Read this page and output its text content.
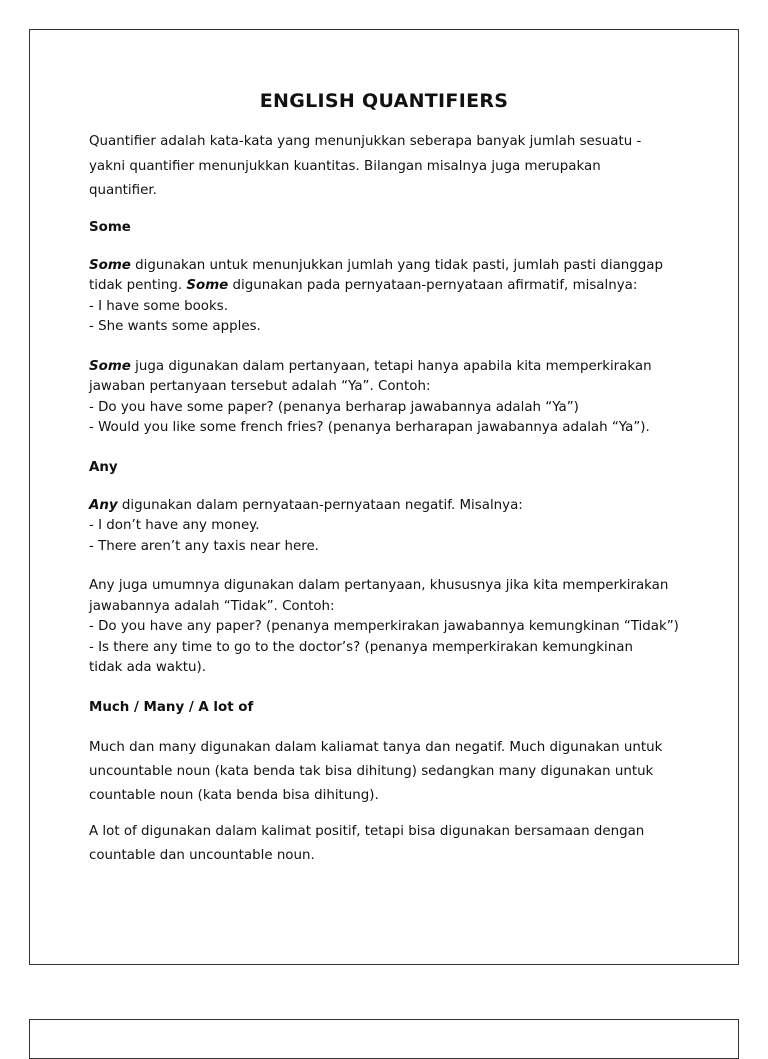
ENGLISH QUANTIFIERS

Quantifier adalah kata-kata yang menunjukkan seberapa banyak jumlah sesuatu -
yakni quantifier menunjukkan kuantitas. Bilangan misalnya juga merupakan
quantifier.

Some

Some digunakan untuk menunjukkan jumlah yang tidak pasti, jumlah pasti dianggap
tidak penting. Some digunakan pada pernyataan-pernyataan afirmatif, misalnya:
- I have some books.
- She wants some apples.

Some juga digunakan dalam pertanyaan, tetapi hanya apabila kita memperkirakan
jawaban pertanyaan tersebut adalah “Ya”. Contoh:
- Do you have some paper? (penanya berharap jawabannya adalah “Ya”)
- Would you like some french fries? (penanya berharapan jawabannya adalah “Ya”).

Any

Any digunakan dalam pernyataan-pernyataan negatif. Misalnya:
- I don’t have any money.
- There aren’t any taxis near here.

Any juga umumnya digunakan dalam pertanyaan, khususnya jika kita memperkirakan
jawabannya adalah “Tidak”. Contoh:
- Do you have any paper? (penanya memperkirakan jawabannya kemungkinan “Tidak”)
- Is there any time to go to the doctor’s? (penanya memperkirakan kemungkinan
tidak ada waktu).

Much / Many / A lot of

Much dan many digunakan dalam kaliamat tanya dan negatif. Much digunakan untuk
uncountable noun (kata benda tak bisa dihitung) sedangkan many digunakan untuk
countable noun (kata benda bisa dihitung).

A lot of digunakan dalam kalimat positif, tetapi bisa digunakan bersamaan dengan
countable dan uncountable noun.
